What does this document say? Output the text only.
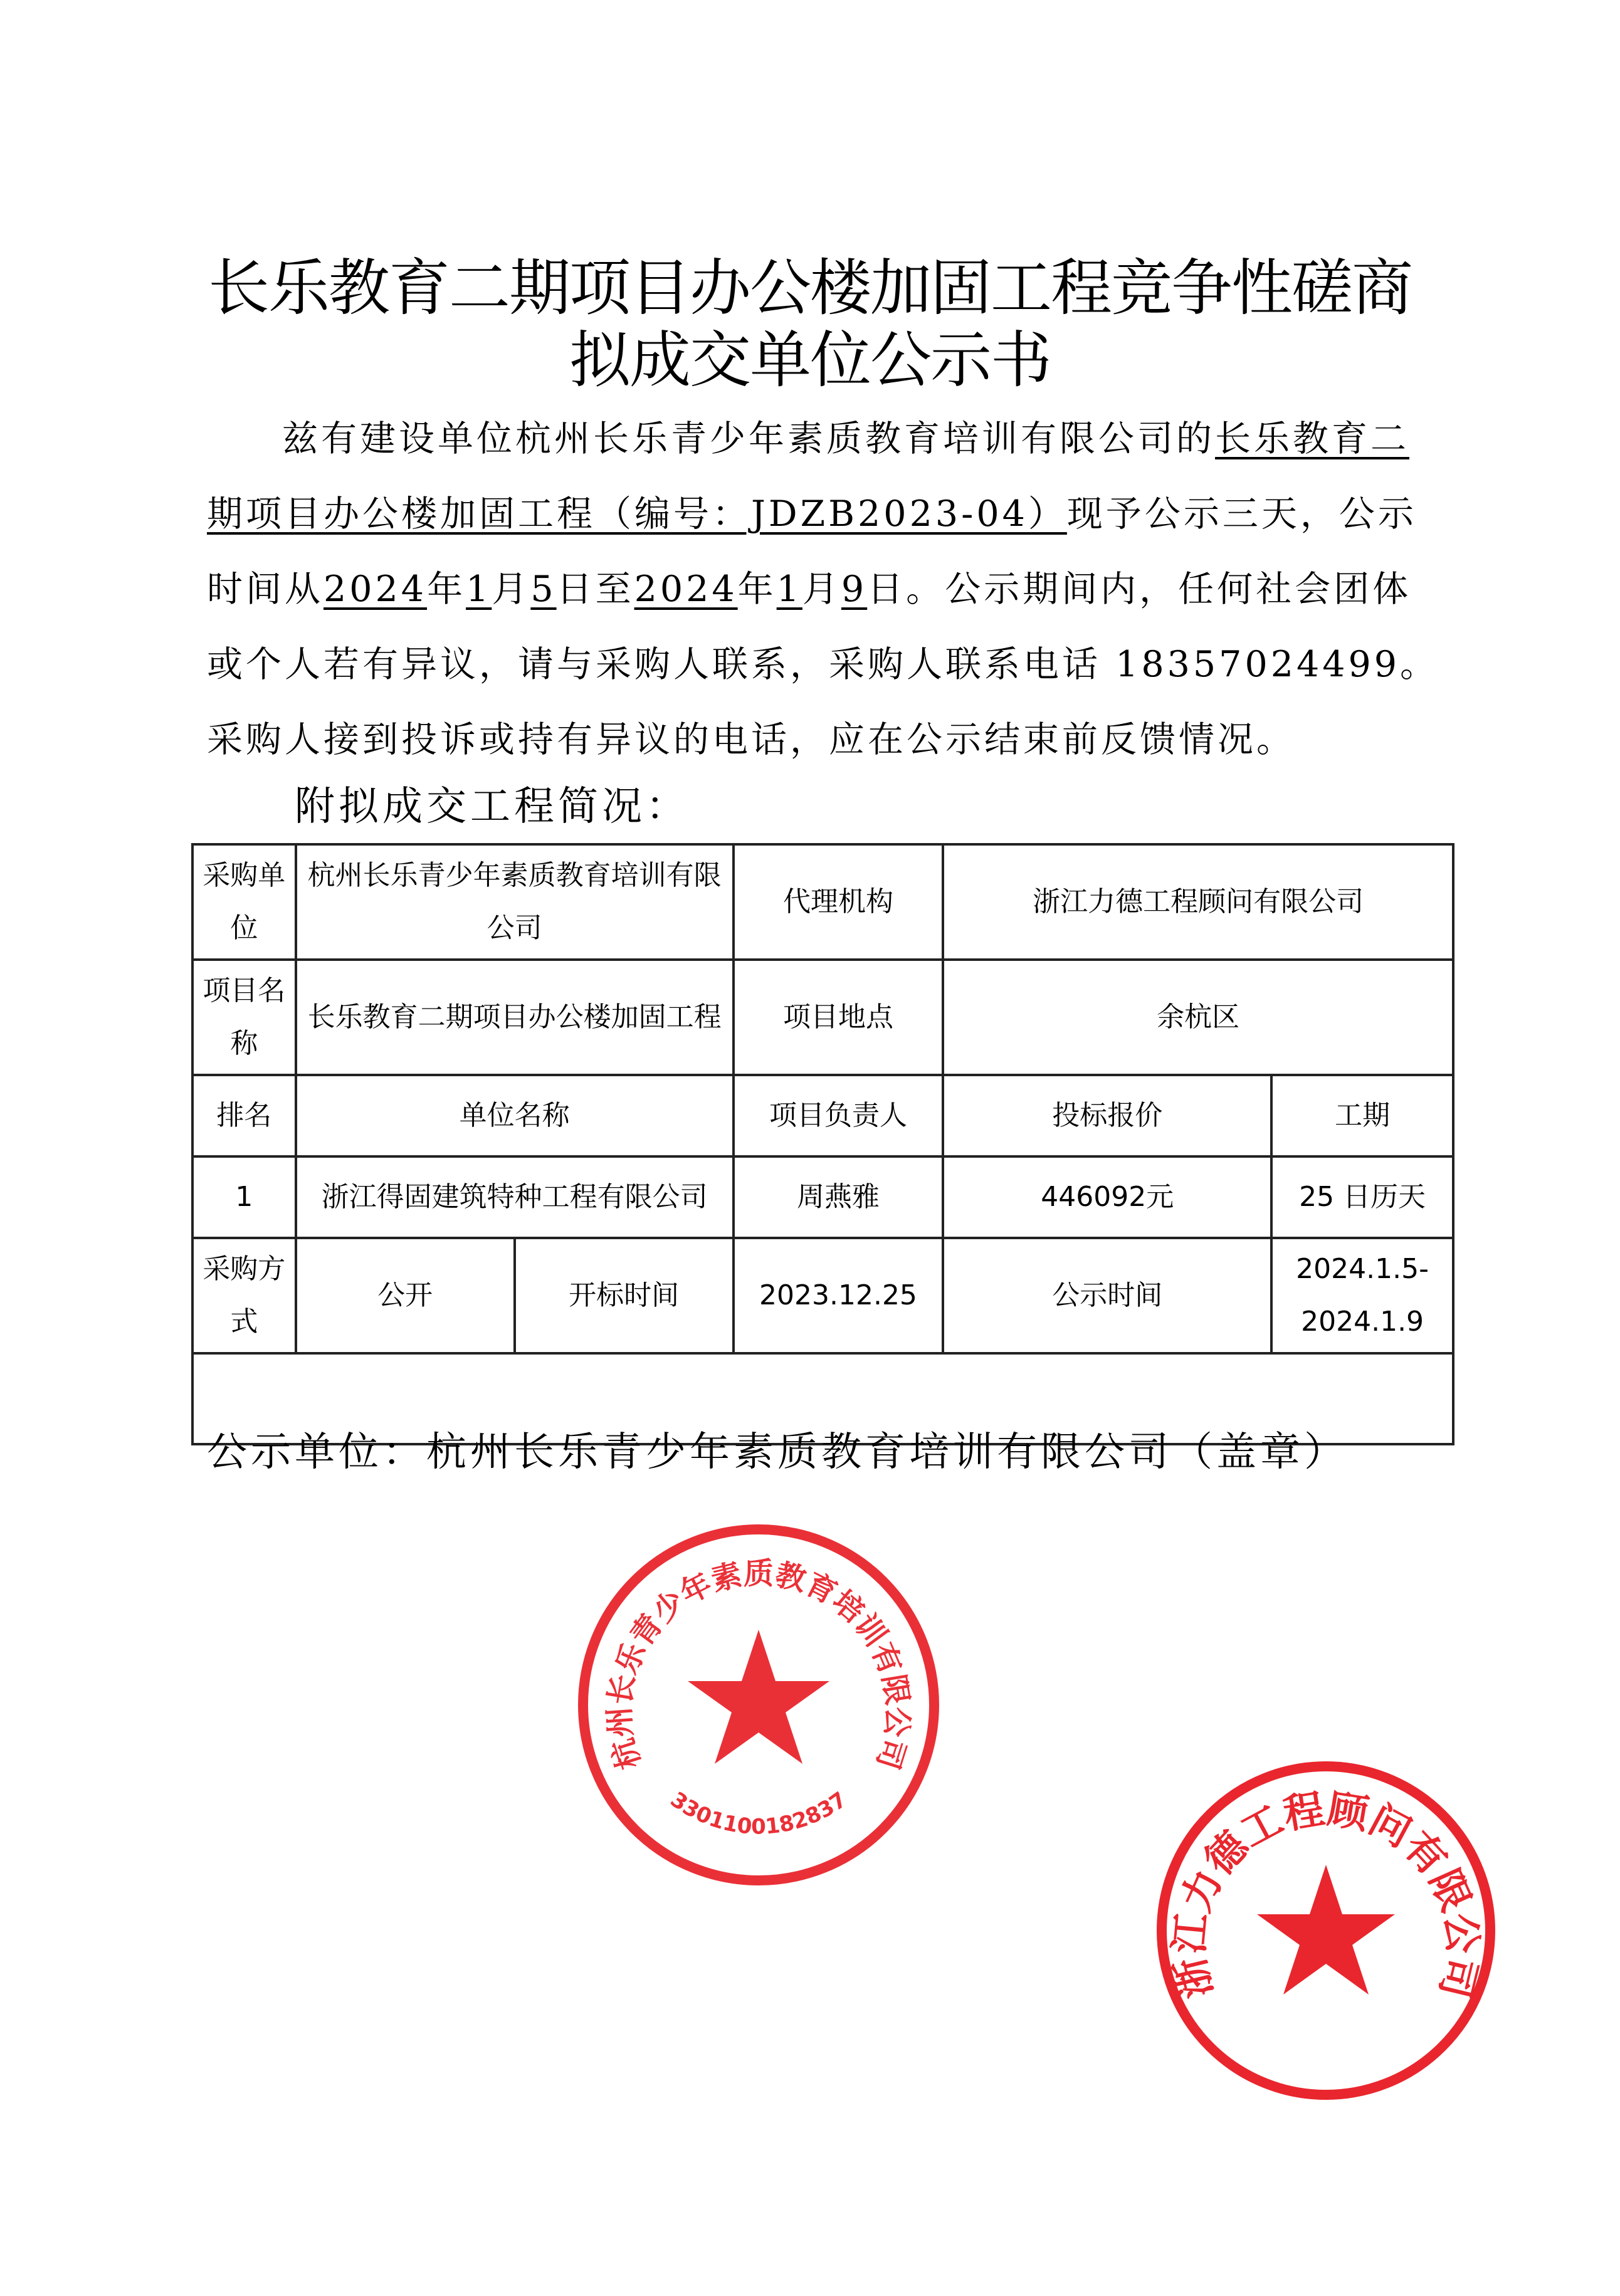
长乐教育二期项目办公楼加固工程竞争性磋商
拟成交单位公示书
兹有建设单位杭州长乐青少年素质教育培训有限公司的长乐教育二期项目办公楼加固工程（编号：JDZB2023-04）现予公示三天，公示时间从2024年1月5日至2024年1月9日。公示期间内，任何社会团体或个人若有异议，请与采购人联系，采购人联系电话 18357024499。采购人接到投诉或持有异议的电话，应在公示结束前反馈情况。
附拟成交工程简况：
采购单位	杭州长乐青少年素质教育培训有限公司		代理机构	浙江力德工程顾问有限公司	
项目名称	长乐教育二期项目办公楼加固工程		项目地点	余杭区	
排名	单位名称		项目负责人	投标报价	工期
1	浙江得固建筑特种工程有限公司		周燕雅	446092元	25 日历天
采购方式	公开	开标时间	2023.12.25	公示时间	2024.1.5-2024.1.9

公示单位：杭州长乐青少年素质教育培训有限公司（盖章）
杭州长乐青少年素质教育培训有限公司
3301100182837
浙江力德工程顾问有限公司
